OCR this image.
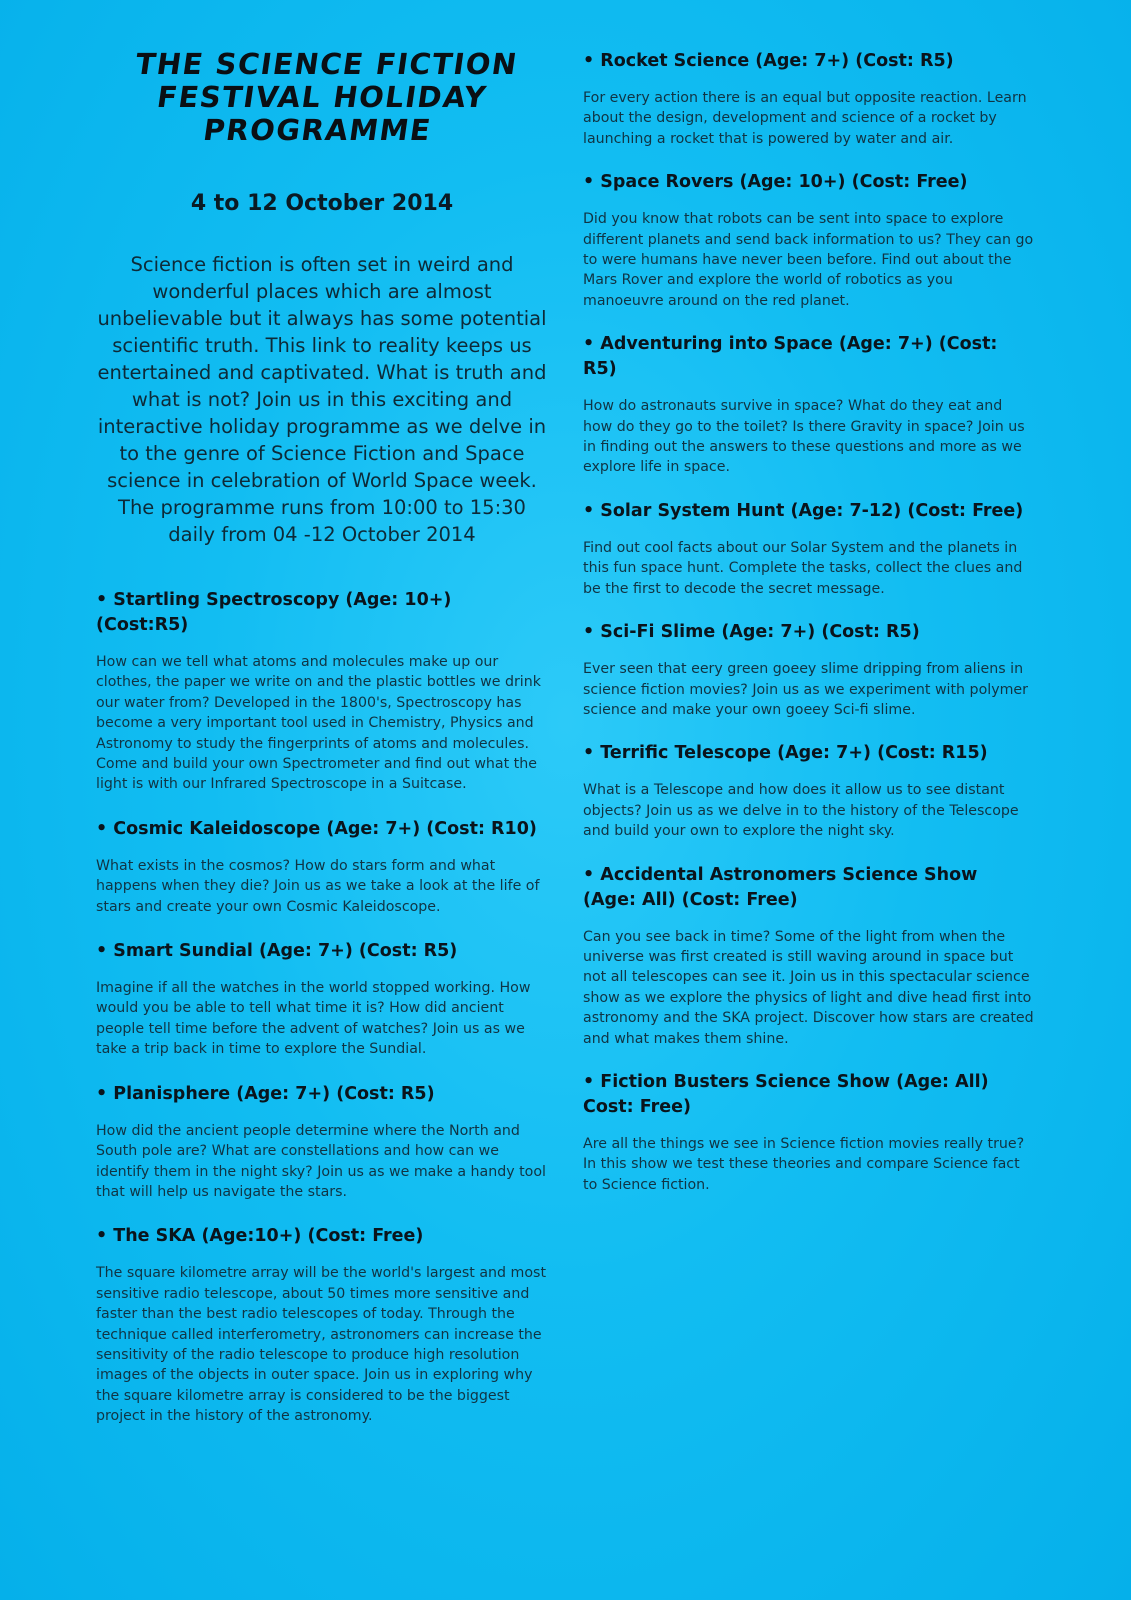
THE SCIENCE FICTION FESTIVAL HOLIDAY PROGRAMME
4 to 12 October 2014

Science fiction is often set in weird and wonderful places which are almost unbelievable but it always has some potential scientific truth. This link to reality keeps us entertained and captivated. What is truth and what is not? Join us in this exciting and interactive holiday programme as we delve in to the genre of Science Fiction and Space science in celebration of World Space week. The programme runs from 10:00 to 15:30 daily from 04 -12 October 2014

• Startling Spectroscopy (Age: 10+) (Cost:R5)

How can we tell what atoms and molecules make up our clothes, the paper we write on and the plastic bottles we drink our water from? Developed in the 1800's, Spectroscopy has become a very important tool used in Chemistry, Physics and Astronomy to study the fingerprints of atoms and molecules. Come and build your own Spectrometer and find out what the light is with our Infrared Spectroscope in a Suitcase.

• Cosmic Kaleidoscope (Age: 7+) (Cost: R10)

What exists in the cosmos? How do stars form and what happens when they die? Join us as we take a look at the life of stars and create your own Cosmic Kaleidoscope.

• Smart Sundial (Age: 7+) (Cost: R5)

Imagine if all the watches in the world stopped working. How would you be able to tell what time it is? How did ancient people tell time before the advent of watches? Join us as we take a trip back in time to explore the Sundial.

• Planisphere (Age: 7+) (Cost: R5)

How did the ancient people determine where the North and South pole are? What are constellations and how can we identify them in the night sky? Join us as we make a handy tool that will help us navigate the stars.

• The SKA (Age:10+) (Cost: Free)

The square kilometre array will be the world's largest and most sensitive radio telescope, about 50 times more sensitive and faster than the best radio telescopes of today. Through the technique called interferometry, astronomers can increase the sensitivity of the radio telescope to produce high resolution images of the objects in outer space. Join us in exploring why the square kilometre array is considered to be the biggest project in the history of the astronomy.

• Rocket Science (Age: 7+) (Cost: R5)

For every action there is an equal but opposite reaction. Learn about the design, development and science of a rocket by launching a rocket that is powered by water and air.

• Space Rovers (Age: 10+) (Cost: Free)

Did you know that robots can be sent into space to explore different planets and send back information to us? They can go to were humans have never been before. Find out about the Mars Rover and explore the world of robotics as you manoeuvre around on the red planet.

• Adventuring into Space (Age: 7+) (Cost: R5)

How do astronauts survive in space? What do they eat and how do they go to the toilet? Is there Gravity in space? Join us in finding out the answers to these questions and more as we explore life in space.

• Solar System Hunt (Age: 7-12) (Cost: Free)

Find out cool facts about our Solar System and the planets in this fun space hunt. Complete the tasks, collect the clues and be the first to decode the secret message.

• Sci-Fi Slime (Age: 7+) (Cost: R5)

Ever seen that eery green goeey slime dripping from aliens in science fiction movies? Join us as we experiment with polymer science and make your own goeey Sci-fi slime.

• Terrific Telescope (Age: 7+) (Cost: R15)

What is a Telescope and how does it allow us to see distant objects? Join us as we delve in to the history of the Telescope and build your own to explore the night sky.

• Accidental Astronomers Science Show (Age: All) (Cost: Free)

Can you see back in time? Some of the light from when the universe was first created is still waving around in space but not all telescopes can see it. Join us in this spectacular science show as we explore the physics of light and dive head first into astronomy and the SKA project. Discover how stars are created and what makes them shine.

• Fiction Busters Science Show (Age: All) Cost: Free)

Are all the things we see in Science fiction movies really true? In this show we test these theories and compare Science fact to Science fiction.
